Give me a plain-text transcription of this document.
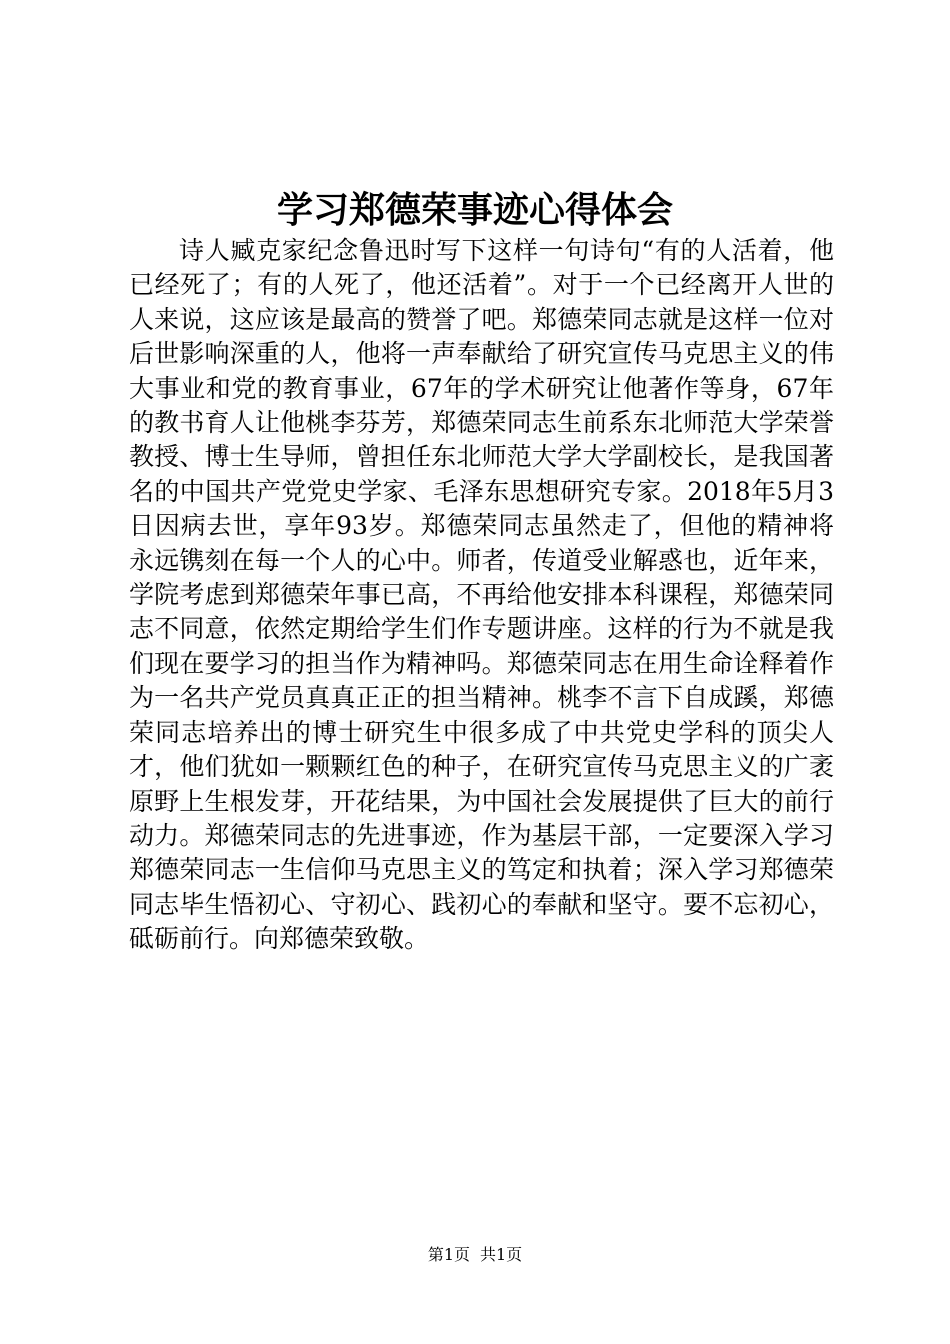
学习郑德荣事迹心得体会

诗人臧克家纪念鲁迅时写下这样一句诗句“有的人活着，他已经死了；有的人死了，他还活着”。对于一个已经离开人世的人来说，这应该是最高的赞誉了吧。郑德荣同志就是这样一位对后世影响深重的人，他将一声奉献给了研究宣传马克思主义的伟大事业和党的教育事业，67年的学术研究让他著作等身，67年的教书育人让他桃李芬芳，郑德荣同志生前系东北师范大学荣誉教授、博士生导师，曾担任东北师范大学大学副校长，是我国著名的中国共产党党史学家、毛泽东思想研究专家。2018年5月3日因病去世，享年93岁。郑德荣同志虽然走了，但他的精神将永远镌刻在每一个人的心中。师者，传道受业解惑也，近年来，学院考虑到郑德荣年事已高，不再给他安排本科课程，郑德荣同志不同意，依然定期给学生们作专题讲座。这样的行为不就是我们现在要学习的担当作为精神吗。郑德荣同志在用生命诠释着作为一名共产党员真真正正的担当精神。桃李不言下自成蹊，郑德荣同志培养出的博士研究生中很多成了中共党史学科的顶尖人才，他们犹如一颗颗红色的种子，在研究宣传马克思主义的广袤原野上生根发芽，开花结果，为中国社会发展提供了巨大的前行动力。郑德荣同志的先进事迹，作为基层干部，一定要深入学习郑德荣同志一生信仰马克思主义的笃定和执着；深入学习郑德荣同志毕生悟初心、守初心、践初心的奉献和坚守。要不忘初心，砥砺前行。向郑德荣致敬。

第1页 共1页
